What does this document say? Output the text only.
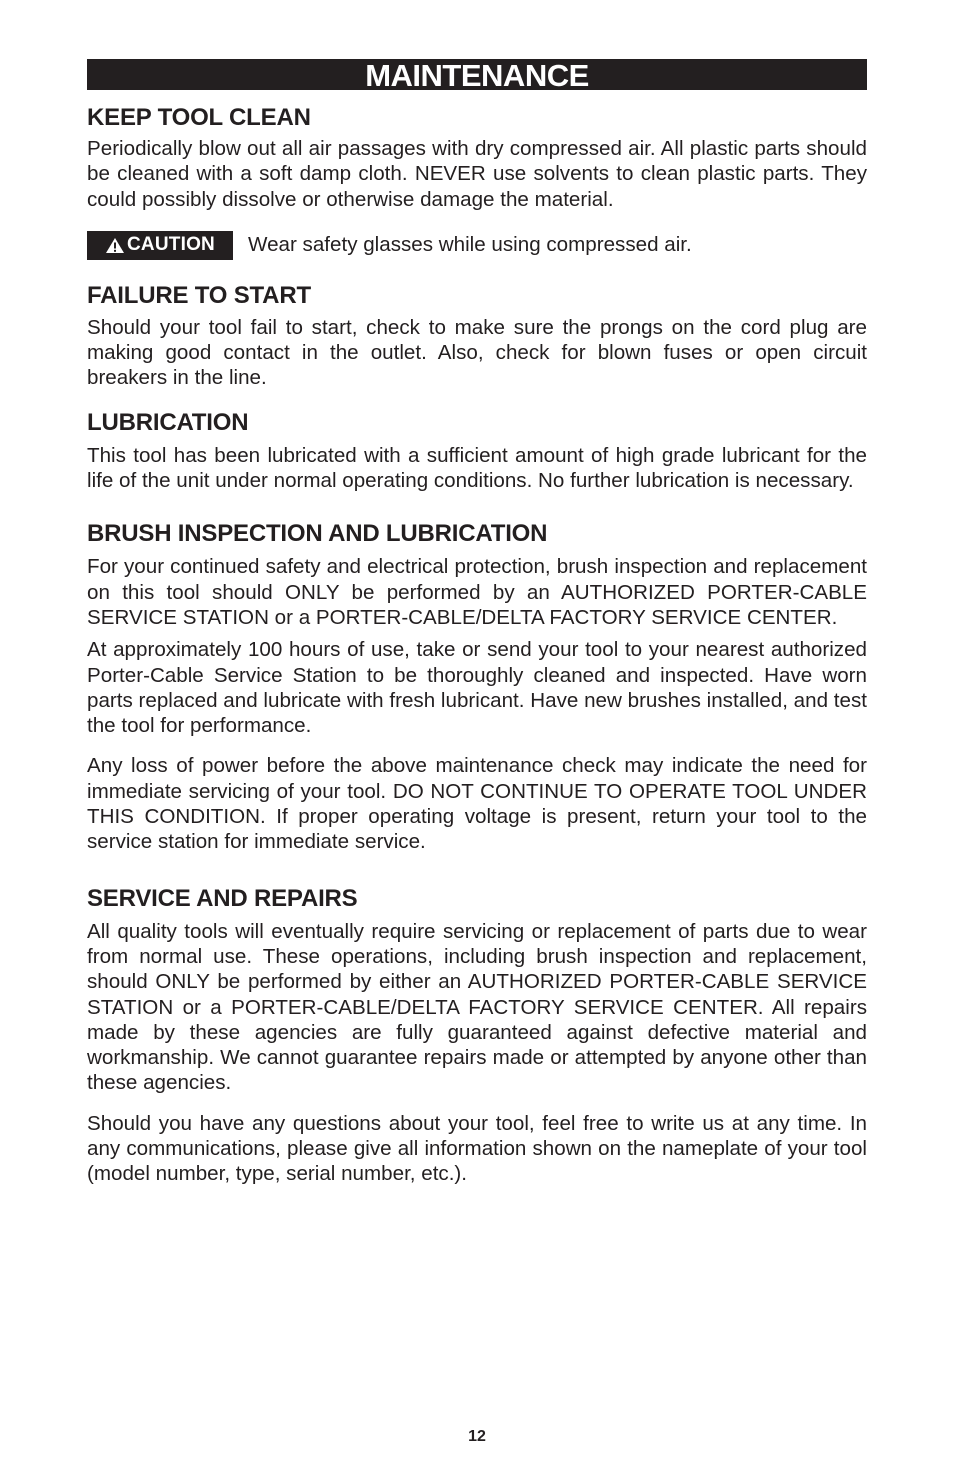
MAINTENANCE
KEEP TOOL CLEAN

Periodically blow out all air passages with dry compressed air. All plastic parts should be cleaned with a soft damp cloth. NEVER use solvents to clean plastic parts. They could possibly dissolve or otherwise damage the material.

CAUTION Wear safety glasses while using compressed air.
FAILURE TO START

Should your tool fail to start, check to make sure the prongs on the cord plug are making good contact in the outlet. Also, check for blown fuses or open circuit breakers in the line.

LUBRICATION

This tool has been lubricated with a sufficient amount of high grade lubricant for the life of the unit under normal operating conditions. No further lubrication is necessary.

BRUSH INSPECTION AND LUBRICATION

For your continued safety and electrical protection, brush inspection and replacement on this tool should ONLY be performed by an AUTHORIZED PORTER-CABLE SERVICE STATION or a PORTER-CABLE/DELTA FACTORY SERVICE CENTER.

At approximately 100 hours of use, take or send your tool to your nearest authorized Porter-Cable Service Station to be thoroughly cleaned and inspected. Have worn parts replaced and lubricate with fresh lubricant. Have new brushes installed, and test the tool for performance.

Any loss of power before the above maintenance check may indicate the need for immediate servicing of your tool. DO NOT CONTINUE TO OPERATE TOOL UNDER THIS CONDITION. If proper operating voltage is present, return your tool to the service station for immediate service.

SERVICE AND REPAIRS

All quality tools will eventually require servicing or replacement of parts due to wear from normal use. These operations, including brush inspection and replacement, should ONLY be performed by either an AUTHORIZED PORTER-CABLE SERVICE STATION or a PORTER-CABLE/DELTA FACTORY SERVICE CENTER. All repairs made by these agencies are fully guaranteed against defective material and workmanship. We cannot guarantee repairs made or attempted by anyone other than these agencies.

Should you have any questions about your tool, feel free to write us at any time. In any communications, please give all information shown on the nameplate of your tool (model number, type, serial number, etc.).

12
